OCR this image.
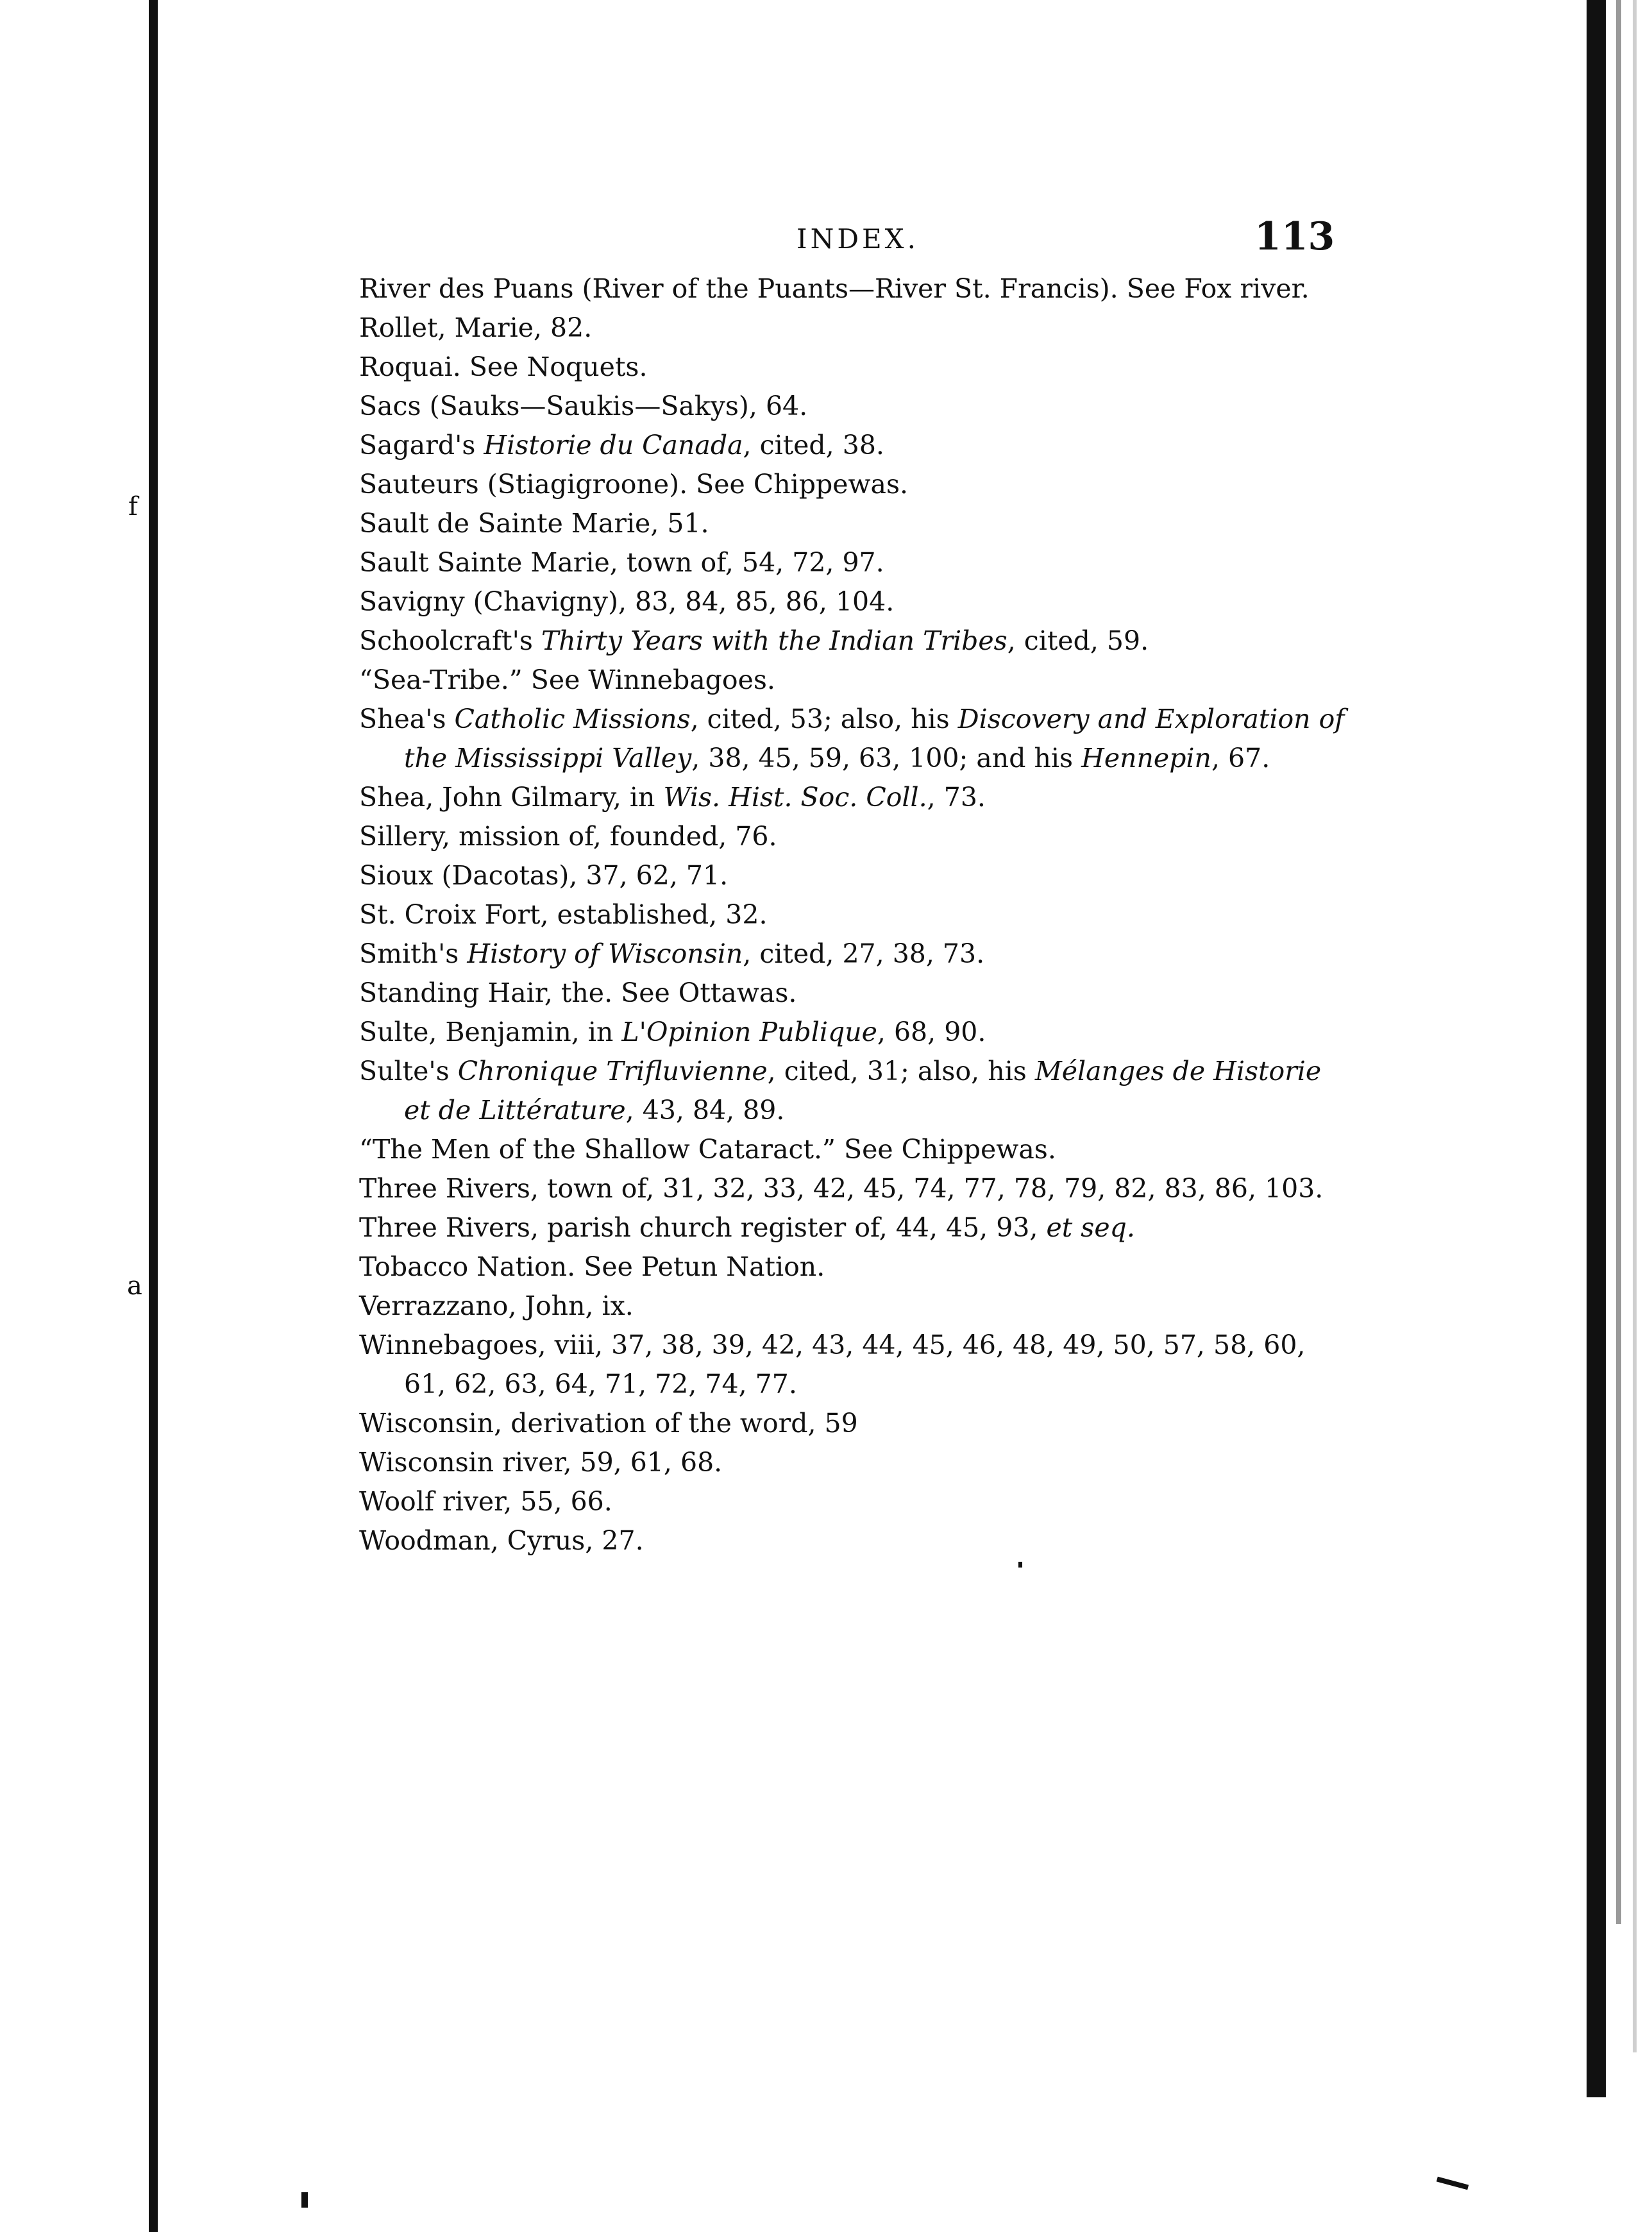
f
a
INDEX.	113
River des Puans (River of the Puants—River St. Francis). See Fox river.
Rollet, Marie, 82.
Roquai. See Noquets.
Sacs (Sauks—Saukis—Sakys), 64.
Sagard's Historie du Canada, cited, 38.
Sauteurs (Stiagigroone). See Chippewas.
Sault de Sainte Marie, 51.
Sault Sainte Marie, town of, 54, 72, 97.
Savigny (Chavigny), 83, 84, 85, 86, 104.
Schoolcraft's Thirty Years with the Indian Tribes, cited, 59.
“Sea-Tribe.” See Winnebagoes.
Shea's Catholic Missions, cited, 53; also, his Discovery and Exploration of the Mississippi Valley, 38, 45, 59, 63, 100; and his Hennepin, 67.
Shea, John Gilmary, in Wis. Hist. Soc. Coll., 73.
Sillery, mission of, founded, 76.
Sioux (Dacotas), 37, 62, 71.
St. Croix Fort, established, 32.
Smith's History of Wisconsin, cited, 27, 38, 73.
Standing Hair, the. See Ottawas.
Sulte, Benjamin, in L'Opinion Publique, 68, 90.
Sulte's Chronique Trifluvienne, cited, 31; also, his Mélanges de Historie et de Littérature, 43, 84, 89.
“The Men of the Shallow Cataract.” See Chippewas.
Three Rivers, town of, 31, 32, 33, 42, 45, 74, 77, 78, 79, 82, 83, 86, 103.
Three Rivers, parish church register of, 44, 45, 93, et seq.
Tobacco Nation. See Petun Nation.
Verrazzano, John, ix.
Winnebagoes, viii, 37, 38, 39, 42, 43, 44, 45, 46, 48, 49, 50, 57, 58, 60, 61, 62, 63, 64, 71, 72, 74, 77.
Wisconsin, derivation of the word, 59
Wisconsin river, 59, 61, 68.
Woolf river, 55, 66.
Woodman, Cyrus, 27.
